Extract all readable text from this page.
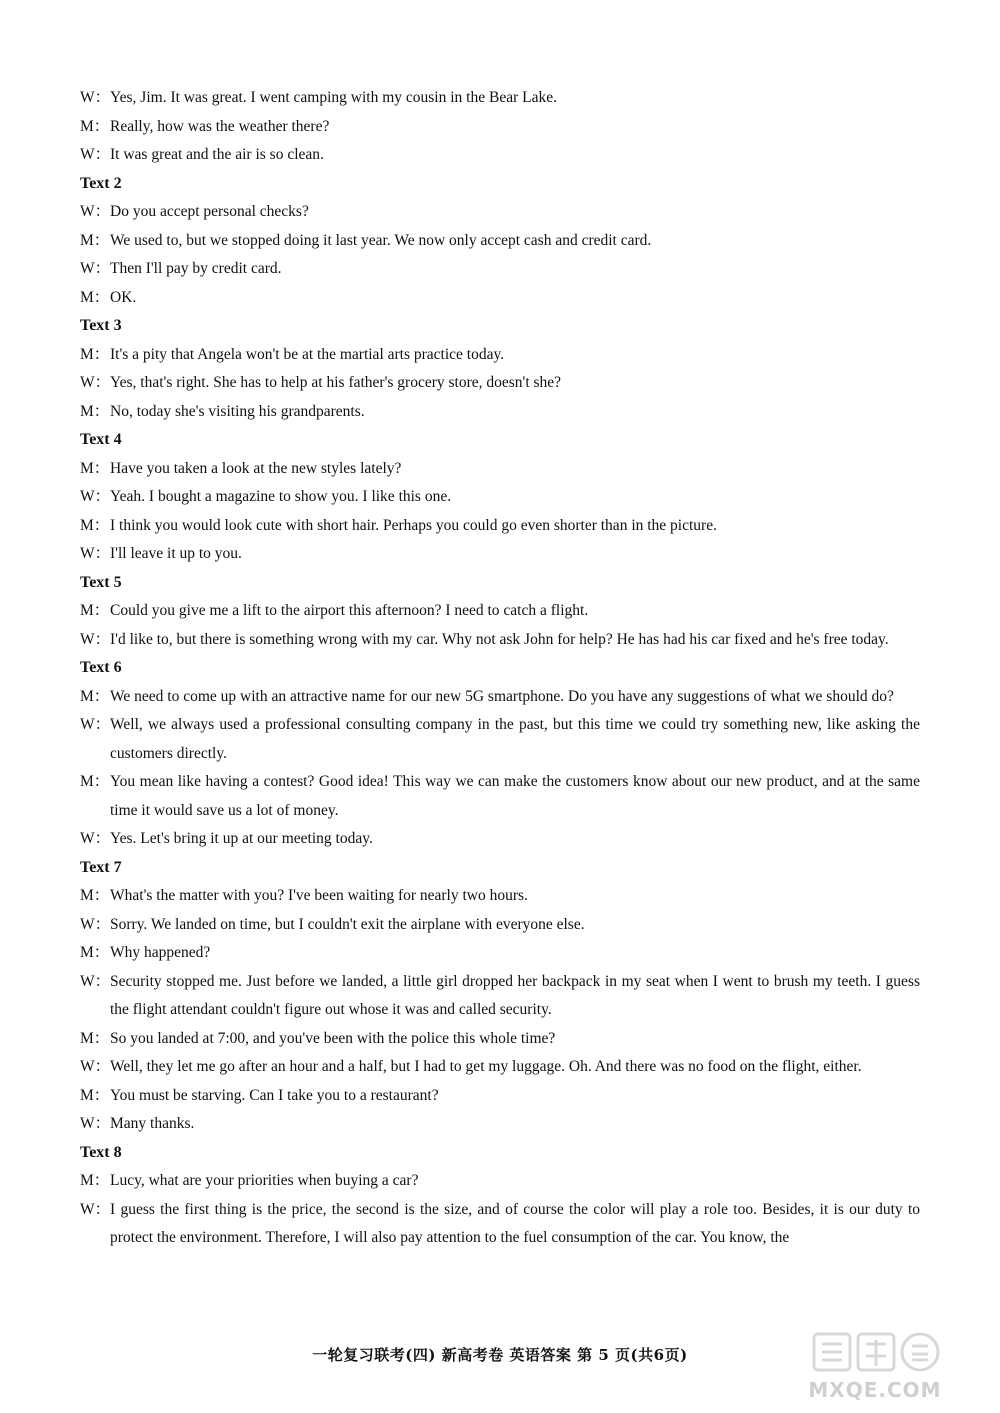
W： Yes, Jim. It was great. I went camping with my cousin in the Bear Lake.
M： Really, how was the weather there?
W： It was great and the air is so clean.
Text 2
W： Do you accept personal checks?
M： We used to, but we stopped doing it last year. We now only accept cash and credit card.
W： Then I'll pay by credit card.
M： OK.
Text 3
M： It's a pity that Angela won't be at the martial arts practice today.
W： Yes, that's right. She has to help at his father's grocery store, doesn't she?
M： No, today she's visiting his grandparents.
Text 4
M： Have you taken a look at the new styles lately?
W： Yeah. I bought a magazine to show you. I like this one.
M： I think you would look cute with short hair. Perhaps you could go even shorter than in the picture.
W： I'll leave it up to you.
Text 5
M： Could you give me a lift to the airport this afternoon? I need to catch a flight.
W： I'd like to, but there is something wrong with my car. Why not ask John for help? He has had his car fixed and he's free today.
Text 6
M： We need to come up with an attractive name for our new 5G smartphone. Do you have any suggestions of what we should do?
W： Well, we always used a professional consulting company in the past, but this time we could try something new, like asking the customers directly.
M： You mean like having a contest? Good idea! This way we can make the customers know about our new product, and at the same time it would save us a lot of money.
W： Yes. Let's bring it up at our meeting today.
Text 7
M： What's the matter with you? I've been waiting for nearly two hours.
W： Sorry. We landed on time, but I couldn't exit the airplane with everyone else.
M： Why happened?
W： Security stopped me. Just before we landed, a little girl dropped her backpack in my seat when I went to brush my teeth. I guess the flight attendant couldn't figure out whose it was and called security.
M： So you landed at 7:00, and you've been with the police this whole time?
W： Well, they let me go after an hour and a half, but I had to get my luggage. Oh. And there was no food on the flight, either.
M： You must be starving. Can I take you to a restaurant?
W： Many thanks.
Text 8
M： Lucy, what are your priorities when buying a car?
W： I guess the first thing is the price, the second is the size, and of course the color will play a role too. Besides, it is our duty to protect the environment. Therefore, I will also pay attention to the fuel consumption of the car. You know, the
一轮复习联考(四) 新高考卷 英语答案 第 5 页(共6页)
MXQE.COM
